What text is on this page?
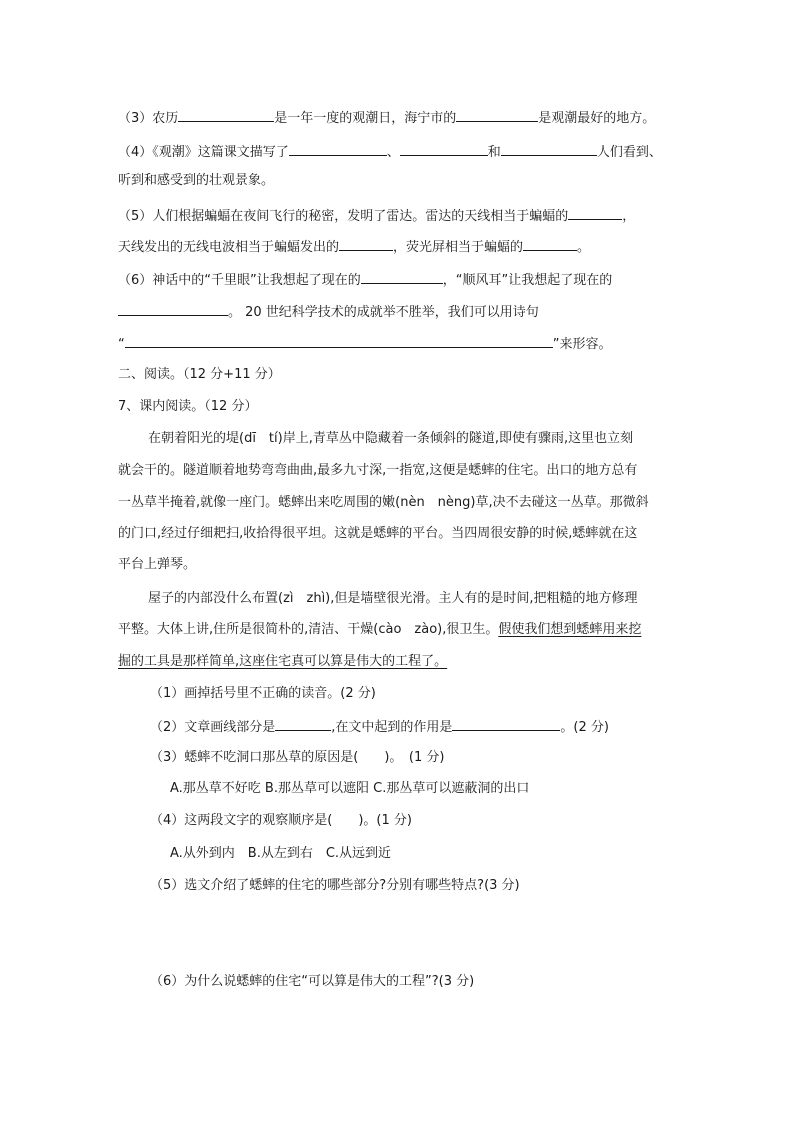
（3）农历	是一年一度的观潮日，海宁市的	是观潮最好的地方。
（4）《观潮》这篇课文描写了	、	和	人们看到、
听到和感受到的壮观景象。
（5）人们根据蝙蝠在夜间飞行的秘密，发明了雷达。雷达的天线相当于蝙蝠的	，
天线发出的无线电波相当于蝙蝠发出的	，荧光屏相当于蝙蝠的	。
（6）神话中的“千里眼”让我想起了现在的	，“顺风耳”让我想起了现在的
。 20 世纪科学技术的成就举不胜举，我们可以用诗句
“	”来形容。
二、阅读。（12 分+11 分）
7、课内阅读。（12 分）
在朝着阳光的堤(dī　tí)岸上,青草丛中隐藏着一条倾斜的隧道,即使有骤雨,这里也立刻
就会干的。隧道顺着地势弯弯曲曲,最多九寸深,一指宽,这便是蟋蟀的住宅。出口的地方总有
一丛草半掩着,就像一座门。蟋蟀出来吃周围的嫩(nèn　nèng)草,决不去碰这一丛草。那微斜
的门口,经过仔细耙扫,收拾得很平坦。这就是蟋蟀的平台。当四周很安静的时候,蟋蟀就在这
平台上弹琴。
屋子的内部没什么布置(zì　zhì),但是墙壁很光滑。主人有的是时间,把粗糙的地方修理
平整。大体上讲,住所是很简朴的,清洁、干燥(cào　zào),很卫生。假使我们想到蟋蟀用来挖
掘的工具是那样简单,这座住宅真可以算是伟大的工程了。
（1）画掉括号里不正确的读音。(2 分)
（2）文章画线部分是	,在文中起到的作用是	。(2 分)
（3）蟋蟀不吃洞口那丛草的原因是(　　)。　(1 分)
A.那丛草不好吃 B.那丛草可以遮阳 C.那丛草可以遮蔽洞的出口
（4）这两段文字的观察顺序是(　　)。(1 分)
A.从外到内　B.从左到右　C.从远到近
（5）选文介绍了蟋蟀的住宅的哪些部分?分别有哪些特点?(3 分)
（6）为什么说蟋蟀的住宅“可以算是伟大的工程”?(3 分)
